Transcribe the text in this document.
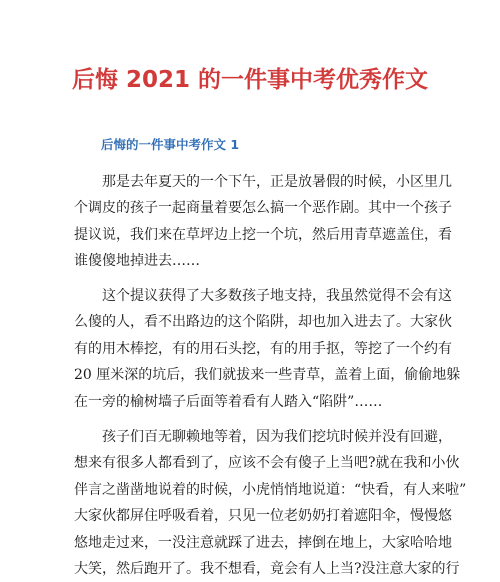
后悔 2021 的一件事中考优秀作文
后悔的一件事中考作文 1
那是去年夏天的一个下午，正是放暑假的时候，小区里几
个调皮的孩子一起商量着要怎么搞一个恶作剧。其中一个孩子
提议说，我们来在草坪边上挖一个坑，然后用青草遮盖住，看
谁傻傻地掉进去……
这个提议获得了大多数孩子地支持，我虽然觉得不会有这
么傻的人，看不出路边的这个陷阱，却也加入进去了。大家伙
有的用木棒挖，有的用石头挖，有的用手抠，等挖了一个约有
20 厘米深的坑后，我们就拔来一些青草，盖着上面，偷偷地躲
在一旁的榆树墙子后面等着看有人踏入“陷阱”……
孩子们百无聊赖地等着，因为我们挖坑时候并没有回避，
想来有很多人都看到了，应该不会有傻子上当吧?就在我和小伙
伴言之凿凿地说着的时候，小虎悄悄地说道：“快看，有人来啦”
大家伙都屏住呼吸看着，只见一位老奶奶打着遮阳伞，慢慢悠
悠地走过来，一没注意就踩了进去，摔倒在地上，大家哈哈地
大笑，然后跑开了。我不想看，竟会有人上当?没注意大家的行
